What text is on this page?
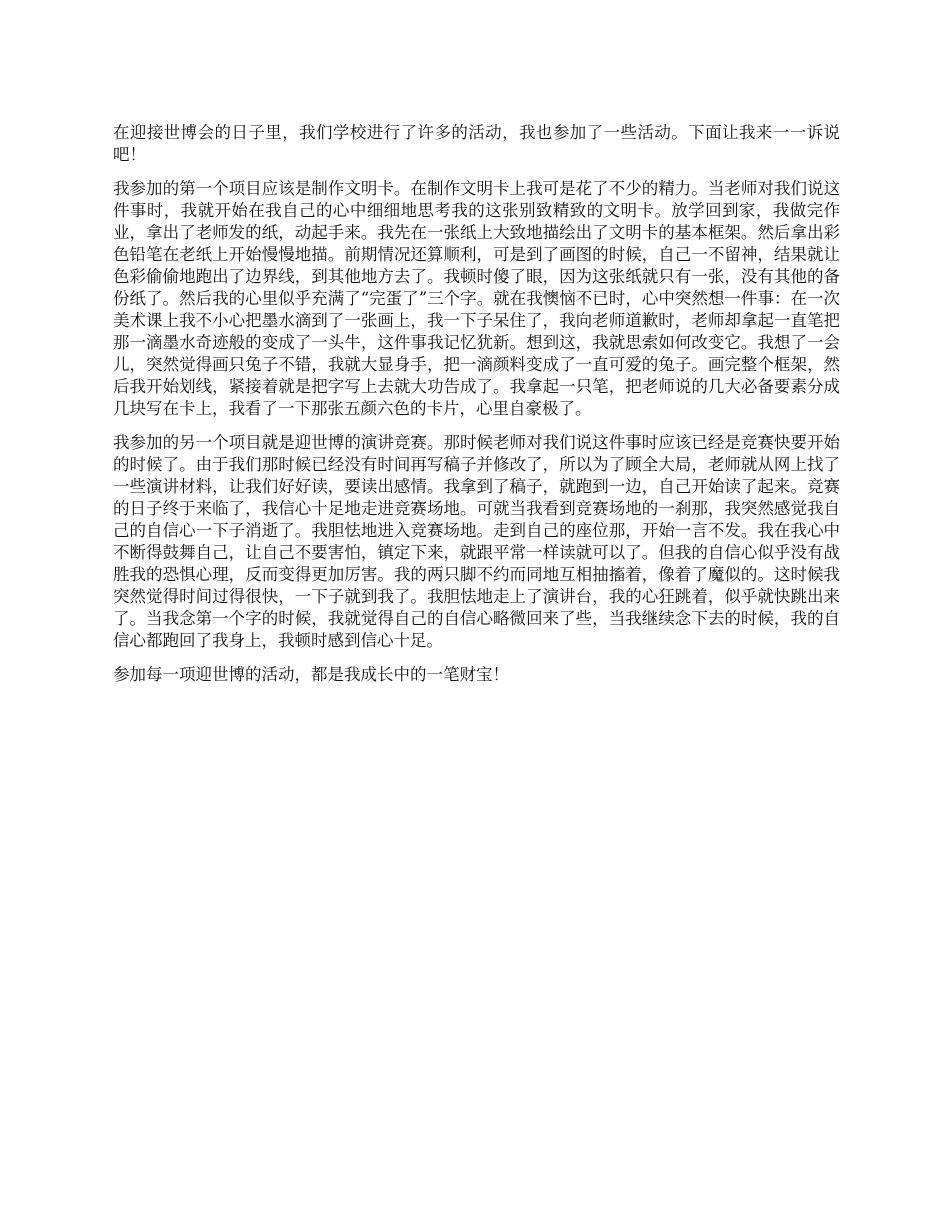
在迎接世博会的日子里，我们学校进行了许多的活动，我也参加了一些活动。下面让我来一一诉说吧！

我参加的第一个项目应该是制作文明卡。在制作文明卡上我可是花了不少的精力。当老师对我们说这件事时，我就开始在我自己的心中细细地思考我的这张别致精致的文明卡。放学回到家，我做完作业，拿出了老师发的纸，动起手来。我先在一张纸上大致地描绘出了文明卡的基本框架。然后拿出彩色铅笔在老纸上开始慢慢地描。前期情况还算顺利，可是到了画图的时候，自己一不留神，结果就让色彩偷偷地跑出了边界线，到其他地方去了。我顿时傻了眼，因为这张纸就只有一张，没有其他的备份纸了。然后我的心里似乎充满了“完蛋了”三个字。就在我懊恼不已时，心中突然想一件事：在一次美术课上我不小心把墨水滴到了一张画上，我一下子呆住了，我向老师道歉时，老师却拿起一直笔把那一滴墨水奇迹般的变成了一头牛，这件事我记忆犹新。想到这，我就思索如何改变它。我想了一会儿，突然觉得画只兔子不错，我就大显身手，把一滴颜料变成了一直可爱的兔子。画完整个框架，然后我开始划线，紧接着就是把字写上去就大功告成了。我拿起一只笔，把老师说的几大必备要素分成几块写在卡上，我看了一下那张五颜六色的卡片，心里自豪极了。

我参加的另一个项目就是迎世博的演讲竞赛。那时候老师对我们说这件事时应该已经是竞赛快要开始的时候了。由于我们那时候已经没有时间再写稿子并修改了，所以为了顾全大局，老师就从网上找了一些演讲材料，让我们好好读，要读出感情。我拿到了稿子，就跑到一边，自己开始读了起来。竞赛的日子终于来临了，我信心十足地走进竞赛场地。可就当我看到竞赛场地的一刹那，我突然感觉我自己的自信心一下子消逝了。我胆怯地进入竞赛场地。走到自己的座位那，开始一言不发。我在我心中不断得鼓舞自己，让自己不要害怕，镇定下来，就跟平常一样读就可以了。但我的自信心似乎没有战胜我的恐惧心理，反而变得更加厉害。我的两只脚不约而同地互相抽搐着，像着了魔似的。这时候我突然觉得时间过得很快，一下子就到我了。我胆怯地走上了演讲台，我的心狂跳着，似乎就快跳出来了。当我念第一个字的时候，我就觉得自己的自信心略微回来了些，当我继续念下去的时候，我的自信心都跑回了我身上，我顿时感到信心十足。

参加每一项迎世博的活动，都是我成长中的一笔财宝！
